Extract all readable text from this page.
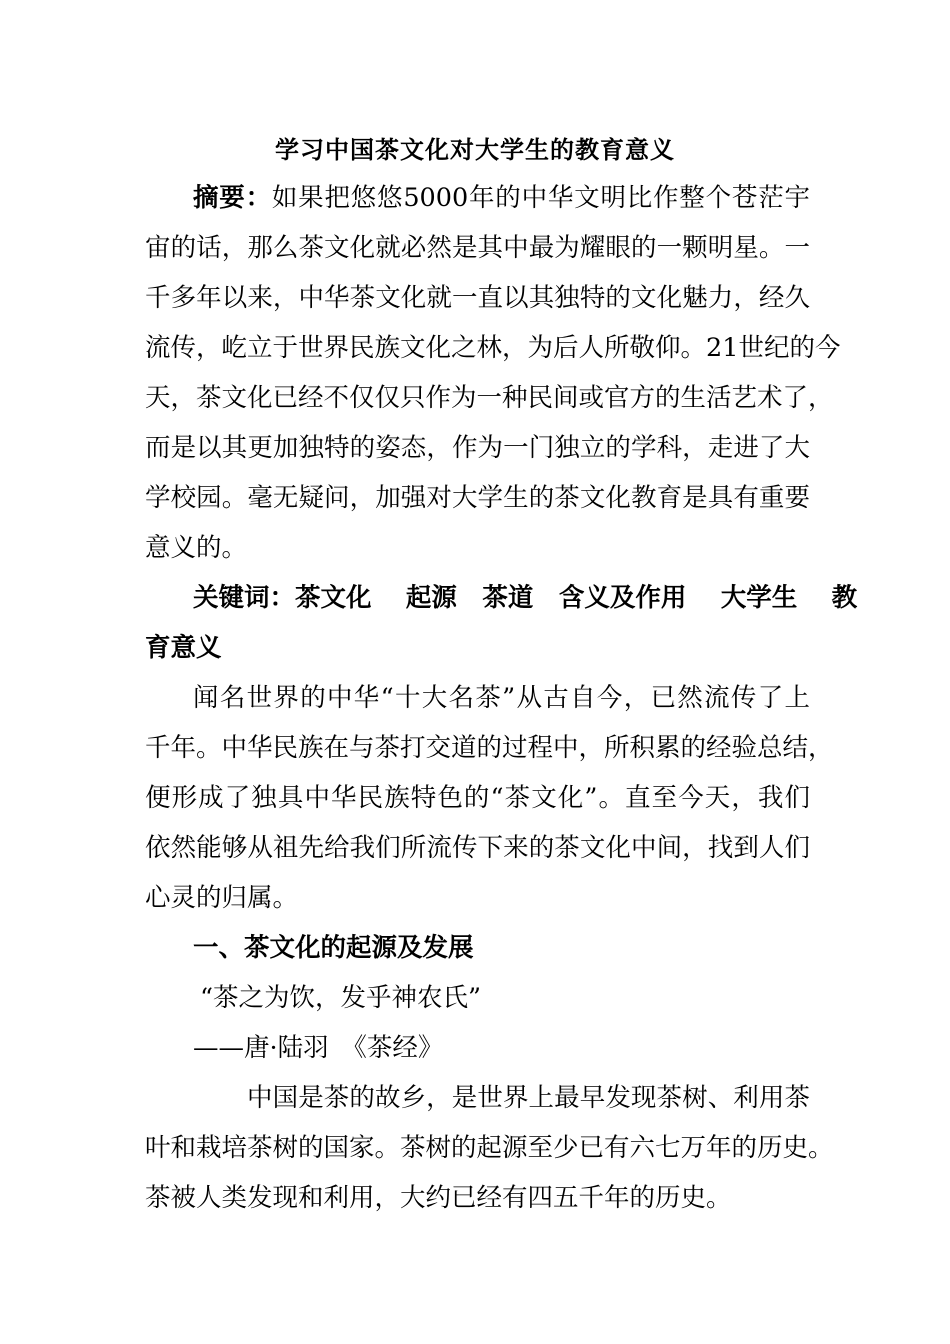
学习中国茶文化对大学生的教育意义
摘要：如果把悠悠5000年的中华文明比作整个苍茫宇
宙的话，那么茶文化就必然是其中最为耀眼的一颗明星。一
千多年以来，中华茶文化就一直以其独特的文化魅力，经久
流传，屹立于世界民族文化之林，为后人所敬仰。21世纪的今
天，茶文化已经不仅仅只作为一种民间或官方的生活艺术了，
而是以其更加独特的姿态，作为一门独立的学科，走进了大
学校园。毫无疑问，加强对大学生的茶文化教育是具有重要
意义的。
关键词：茶文化　 起源　茶道　含义及作用　 大学生　 教
育意义
闻名世界的中华“十大名茶”从古自今，已然流传了上
千年。中华民族在与茶打交道的过程中，所积累的经验总结，
便形成了独具中华民族特色的“茶文化”。直至今天，我们
依然能够从祖先给我们所流传下来的茶文化中间，找到人们
心灵的归属。
一、茶文化的起源及发展
“茶之为饮，发乎神农氏”
——唐·陆羽　《茶经》
中国是茶的故乡，是世界上最早发现茶树、利用茶
叶和栽培茶树的国家。茶树的起源至少已有六七万年的历史。
茶被人类发现和利用，大约已经有四五千年的历史。
